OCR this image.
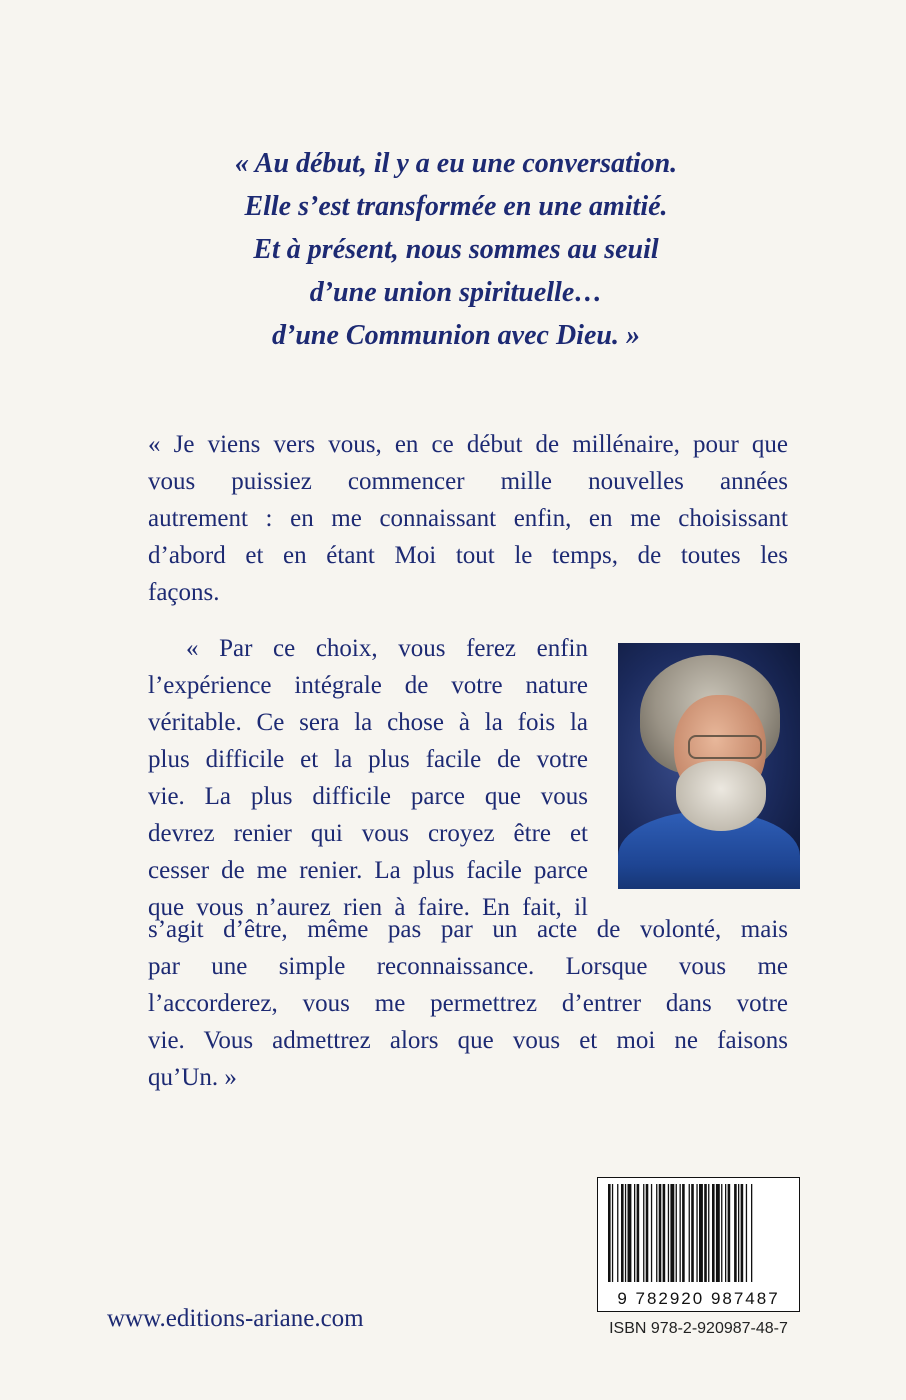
« Au début, il y a eu une conversation.
Elle s’est transformée en une amitié.
Et à présent, nous sommes au seuil
d’une union spirituelle…
d’une Communion avec Dieu. »
« Je viens vers vous, en ce début de millénaire, pour que
vous puissiez commencer mille nouvelles années
autrement : en me connaissant enfin, en me choisissant
d’abord et en étant Moi tout le temps, de toutes les
façons.
« Par ce choix, vous ferez enfin
l’expérience intégrale de votre nature
véritable. Ce sera la chose à la fois la
plus difficile et la plus facile de votre
vie. La plus difficile parce que vous
devrez renier qui vous croyez être et
cesser de me renier. La plus facile parce
que vous n’aurez rien à faire. En fait, il
s’agit d’être, même pas par un acte de volonté, mais
par une simple reconnaissance. Lorsque vous me
l’accorderez, vous me permettrez d’entrer dans votre
vie. Vous admettrez alors que vous et moi ne faisons
qu’Un. »
9 782920 987487
ISBN 978-2-920987-48-7
www.editions-ariane.com
